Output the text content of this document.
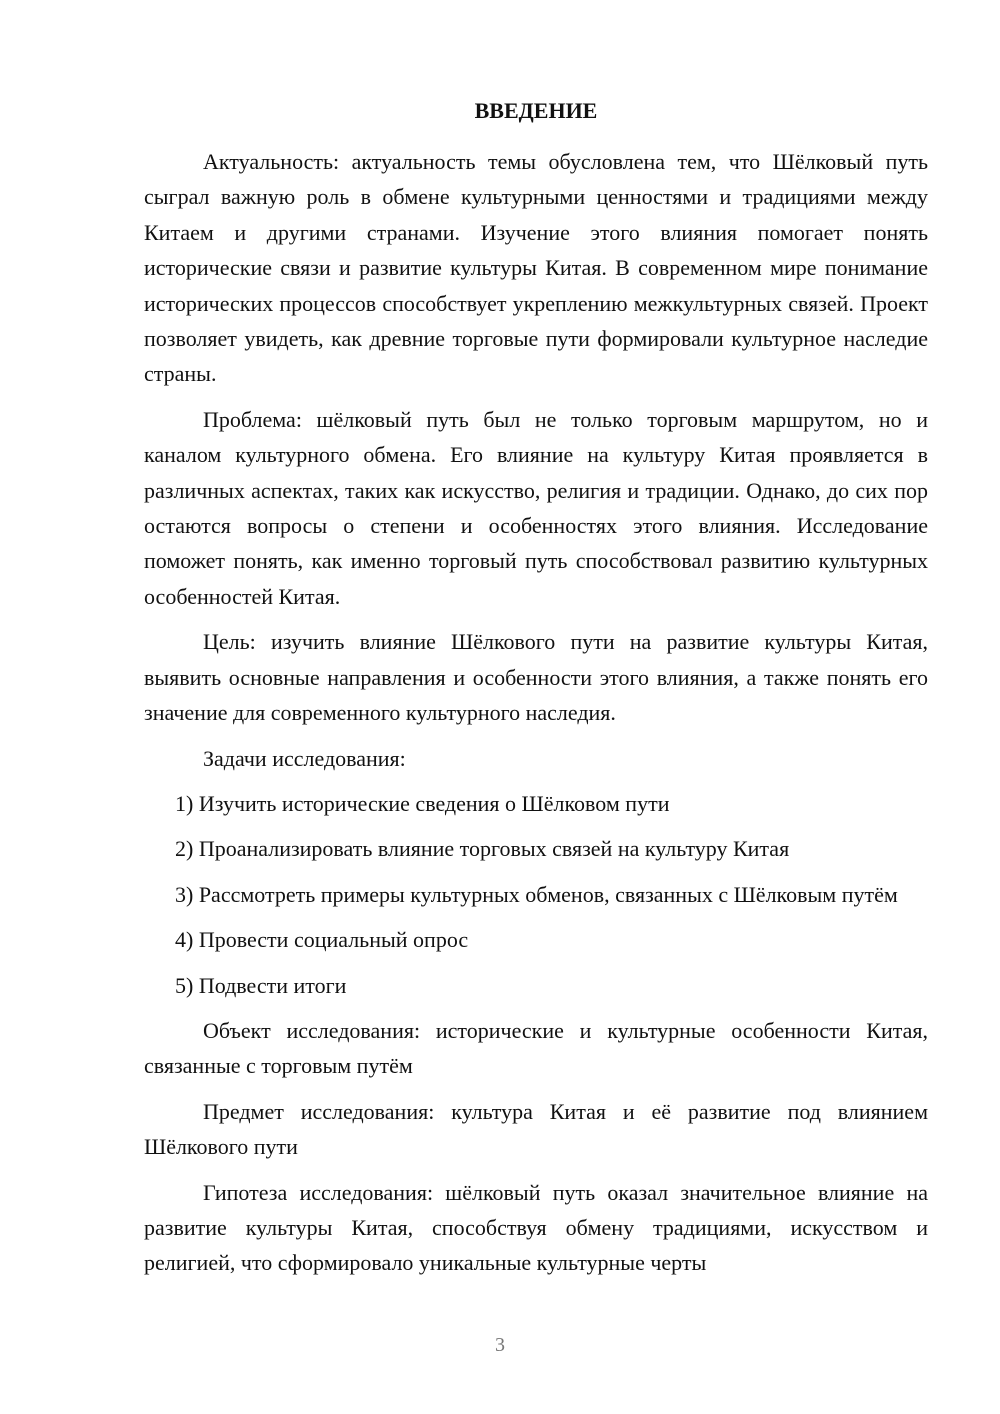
ВВЕДЕНИЕ

Актуальность: актуальность темы обусловлена тем, что Шёлковый путь сыграл важную роль в обмене культурными ценностями и традициями между Китаем и другими странами. Изучение этого влияния помогает понять исторические связи и развитие культуры Китая. В современном мире понимание исторических процессов способствует укреплению межкультурных связей. Проект позволяет увидеть, как древние торговые пути формировали культурное наследие страны.

Проблема: шёлковый путь был не только торговым маршрутом, но и каналом культурного обмена. Его влияние на культуру Китая проявляется в различных аспектах, таких как искусство, религия и традиции. Однако, до сих пор остаются вопросы о степени и особенностях этого влияния. Исследование поможет понять, как именно торговый путь способствовал развитию культурных особенностей Китая.

Цель: изучить влияние Шёлкового пути на развитие культуры Китая, выявить основные направления и особенности этого влияния, а также понять его значение для современного культурного наследия.

Задачи исследования:

1) Изучить исторические сведения о Шёлковом пути

2) Проанализировать влияние торговых связей на культуру Китая

3) Рассмотреть примеры культурных обменов, связанных с Шёлковым путём

4) Провести социальный опрос

5) Подвести итоги

Объект исследования: исторические и культурные особенности Китая, связанные с торговым путём

Предмет исследования: культура Китая и её развитие под влиянием Шёлкового пути

Гипотеза исследования: шёлковый путь оказал значительное влияние на развитие культуры Китая, способствуя обмену традициями, искусством и религией, что сформировало уникальные культурные черты

3
